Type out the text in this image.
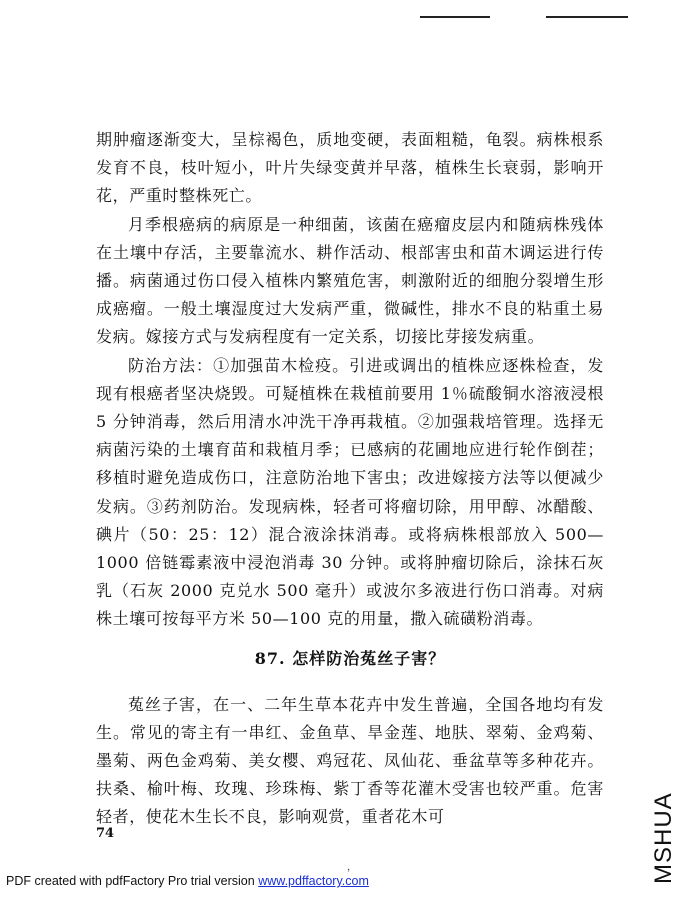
期肿瘤逐渐变大，呈棕褐色，质地变硬，表面粗糙，龟裂。病株根系发育不良，枝叶短小，叶片失绿变黄并早落，植株生长衰弱，影响开花，严重时整株死亡。

月季根癌病的病原是一种细菌，该菌在癌瘤皮层内和随病株残体在土壤中存活，主要靠流水、耕作活动、根部害虫和苗木调运进行传播。病菌通过伤口侵入植株内繁殖危害，刺激附近的细胞分裂增生形成癌瘤。一般土壤湿度过大发病严重，微碱性，排水不良的粘重土易发病。嫁接方式与发病程度有一定关系，切接比芽接发病重。

防治方法：①加强苗木检疫。引进或调出的植株应逐株检查，发现有根癌者坚决烧毁。可疑植株在栽植前要用 1％硫酸铜水溶液浸根 5 分钟消毒，然后用清水冲洗干净再栽植。②加强栽培管理。选择无病菌污染的土壤育苗和栽植月季；已感病的花圃地应进行轮作倒茬；移植时避免造成伤口，注意防治地下害虫；改进嫁接方法等以便减少发病。③药剂防治。发现病株，轻者可将瘤切除，用甲醇、冰醋酸、碘片（50：25：12）混合液涂抹消毒。或将病株根部放入 500—1000 倍链霉素液中浸泡消毒 30 分钟。或将肿瘤切除后，涂抹石灰乳（石灰 2000 克兑水 500 毫升）或波尔多液进行伤口消毒。对病株土壤可按每平方米 50—100 克的用量，撒入硫磺粉消毒。

87. 怎样防治菟丝子害？

菟丝子害，在一、二年生草本花卉中发生普遍，全国各地均有发生。常见的寄主有一串红、金鱼草、旱金莲、地肤、翠菊、金鸡菊、墨菊、两色金鸡菊、美女樱、鸡冠花、凤仙花、垂盆草等多种花卉。扶桑、榆叶梅、玫瑰、珍珠梅、紫丁香等花灌木受害也较严重。危害轻者，使花木生长不良，影响观赏，重者花木可

74
，
PDF created with pdfFactory Pro trial version www.pdffactory.com	MSHUA
